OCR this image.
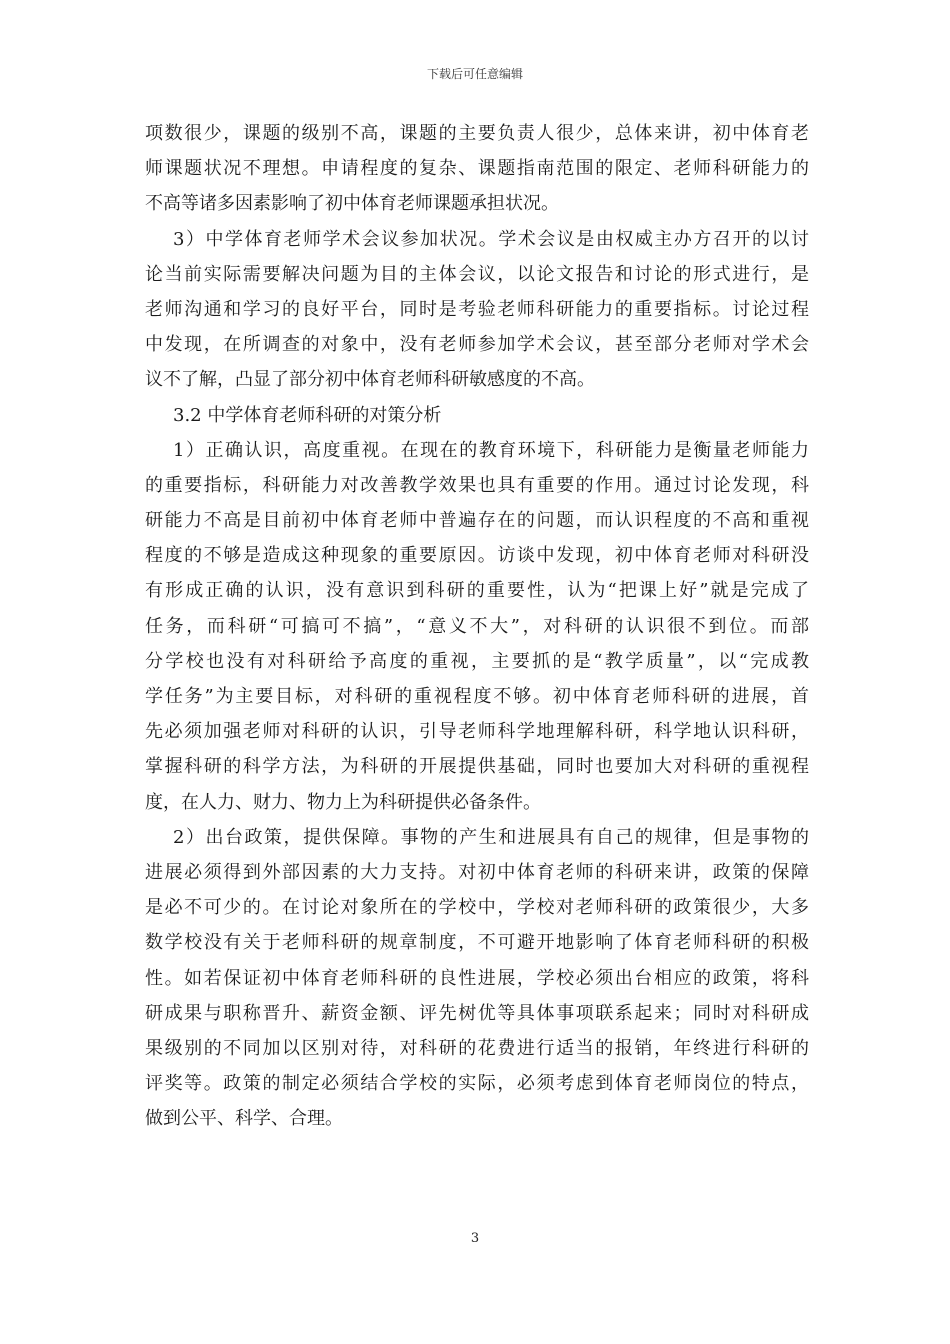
下载后可任意编辑
项数很少，课题的级别不高，课题的主要负责人很少，总体来讲，初中体育老
师课题状况不理想。申请程度的复杂、课题指南范围的限定、老师科研能力的
不高等诸多因素影响了初中体育老师课题承担状况。
3）中学体育老师学术会议参加状况。学术会议是由权威主办方召开的以讨
论当前实际需要解决问题为目的主体会议，以论文报告和讨论的形式进行，是
老师沟通和学习的良好平台，同时是考验老师科研能力的重要指标。讨论过程
中发现，在所调查的对象中，没有老师参加学术会议，甚至部分老师对学术会
议不了解，凸显了部分初中体育老师科研敏感度的不高。
3.2 中学体育老师科研的对策分析
1）正确认识，高度重视。在现在的教育环境下，科研能力是衡量老师能力
的重要指标，科研能力对改善教学效果也具有重要的作用。通过讨论发现，科
研能力不高是目前初中体育老师中普遍存在的问题，而认识程度的不高和重视
程度的不够是造成这种现象的重要原因。访谈中发现，初中体育老师对科研没
有形成正确的认识，没有意识到科研的重要性，认为“把课上好”就是完成了
任务，而科研“可搞可不搞”，“意义不大”，对科研的认识很不到位。而部
分学校也没有对科研给予高度的重视，主要抓的是“教学质量”，以“完成教
学任务”为主要目标，对科研的重视程度不够。初中体育老师科研的进展，首
先必须加强老师对科研的认识，引导老师科学地理解科研，科学地认识科研，
掌握科研的科学方法，为科研的开展提供基础，同时也要加大对科研的重视程
度，在人力、财力、物力上为科研提供必备条件。
2）出台政策，提供保障。事物的产生和进展具有自己的规律，但是事物的
进展必须得到外部因素的大力支持。对初中体育老师的科研来讲，政策的保障
是必不可少的。在讨论对象所在的学校中，学校对老师科研的政策很少，大多
数学校没有关于老师科研的规章制度，不可避开地影响了体育老师科研的积极
性。如若保证初中体育老师科研的良性进展，学校必须出台相应的政策，将科
研成果与职称晋升、薪资金额、评先树优等具体事项联系起来；同时对科研成
果级别的不同加以区别对待，对科研的花费进行适当的报销，年终进行科研的
评奖等。政策的制定必须结合学校的实际，必须考虑到体育老师岗位的特点，
做到公平、科学、合理。
3
